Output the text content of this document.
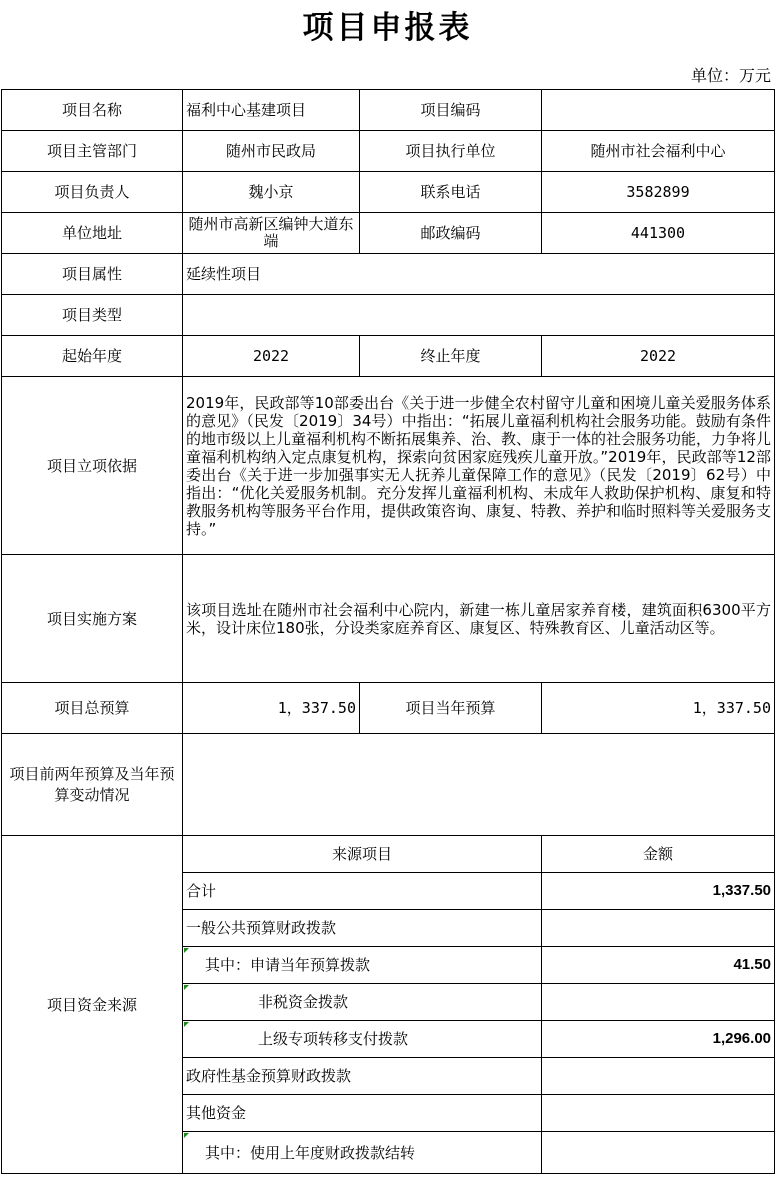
项目申报表
单位：万元
项目名称	福利中心基建项目	项目编码	
项目主管部门	随州市民政局	项目执行单位	随州市社会福利中心
项目负责人	魏小京	联系电话	3582899
单位地址	随州市高新区编钟大道东端	邮政编码	441300
项目属性	延续性项目		
项目类型			
起始年度	2022	终止年度	2022
项目立项依据	2019年，民政部等10部委出台《关于进一步健全农村留守儿童和困境儿童关爱服务体系的意见》（民发〔2019〕34号）中指出：“拓展儿童福利机构社会服务功能。鼓励有条件的地市级以上儿童福利机构不断拓展集养、治、教、康于一体的社会服务功能，力争将儿童福利机构纳入定点康复机构，探索向贫困家庭残疾儿童开放。”2019年，民政部等12部委出台《关于进一步加强事实无人抚养儿童保障工作的意见》（民发〔2019〕62号）中指出：“优化关爱服务机制。充分发挥儿童福利机构、未成年人救助保护机构、康复和特教服务机构等服务平台作用，提供政策咨询、康复、特教、养护和临时照料等关爱服务支持。”		
项目实施方案	该项目选址在随州市社会福利中心院内，新建一栋儿童居家养育楼，建筑面积6300平方米，设计床位180张，分设类家庭养育区、康复区、特殊教育区、儿童活动区等。		
项目总预算	1，337.50	项目当年预算	1，337.50
项目前两年预算及当年预算变动情况			
项目资金来源	来源项目		金额
	合计		1,337.50
	一般公共预算财政拨款		
	其中：申请当年预算拨款		41.50
	非税资金拨款		
	上级专项转移支付拨款		1,296.00
	政府性基金预算财政拨款		
	其他资金		
	其中：使用上年度财政拨款结转		
